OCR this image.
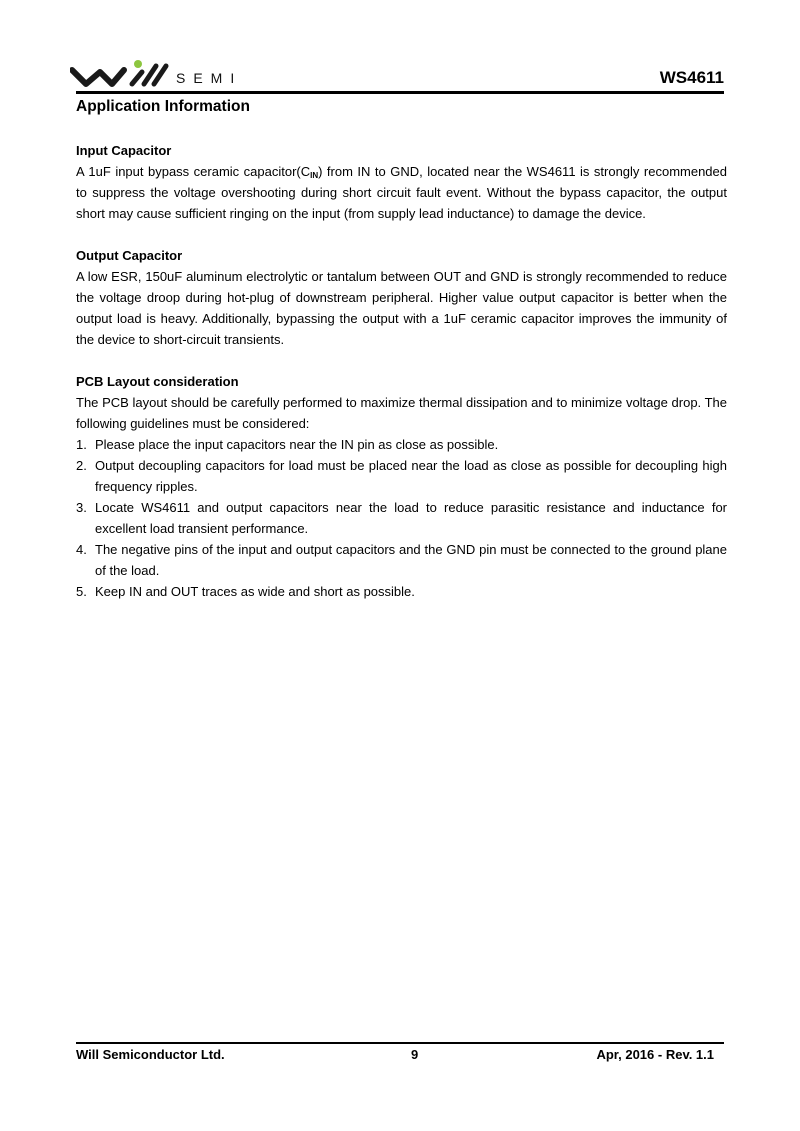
SEMI	WS4611
Application Information

Input Capacitor

A 1uF input bypass ceramic $capacitor(C_{IN})$ from IN to GND, located near the WS4611 is strongly recommended to suppress the voltage overshooting during short circuit fault event. Without the bypass capacitor, the output short may cause sufficient ringing on the input (from supply lead inductance) to damage the device.

Output Capacitor

A low ESR, 150uF aluminum electrolytic or tantalum between OUT and GND is strongly recommended to reduce the voltage droop during hot-plug of downstream peripheral. Higher value output capacitor is better when the output load is heavy. Additionally, bypassing the output with a 1uF ceramic capacitor improves the immunity of the device to short-circuit transients.

PCB Layout consideration

The PCB layout should be carefully performed to maximize thermal dissipation and to minimize voltage drop. The following guidelines must be considered:

1. Please place the input capacitors near the IN pin as close as possible.
2. Output decoupling capacitors for load must be placed near the load as close as possible for decoupling high frequency ripples.
3. Locate WS4611 and output capacitors near the load to reduce parasitic resistance and inductance for excellent load transient performance.
4. The negative pins of the input and output capacitors and the GND pin must be connected to the ground plane of the load.
5. Keep IN and OUT traces as wide and short as possible.
Will Semiconductor Ltd.	9	Apr, 2016 - Rev. 1.1
